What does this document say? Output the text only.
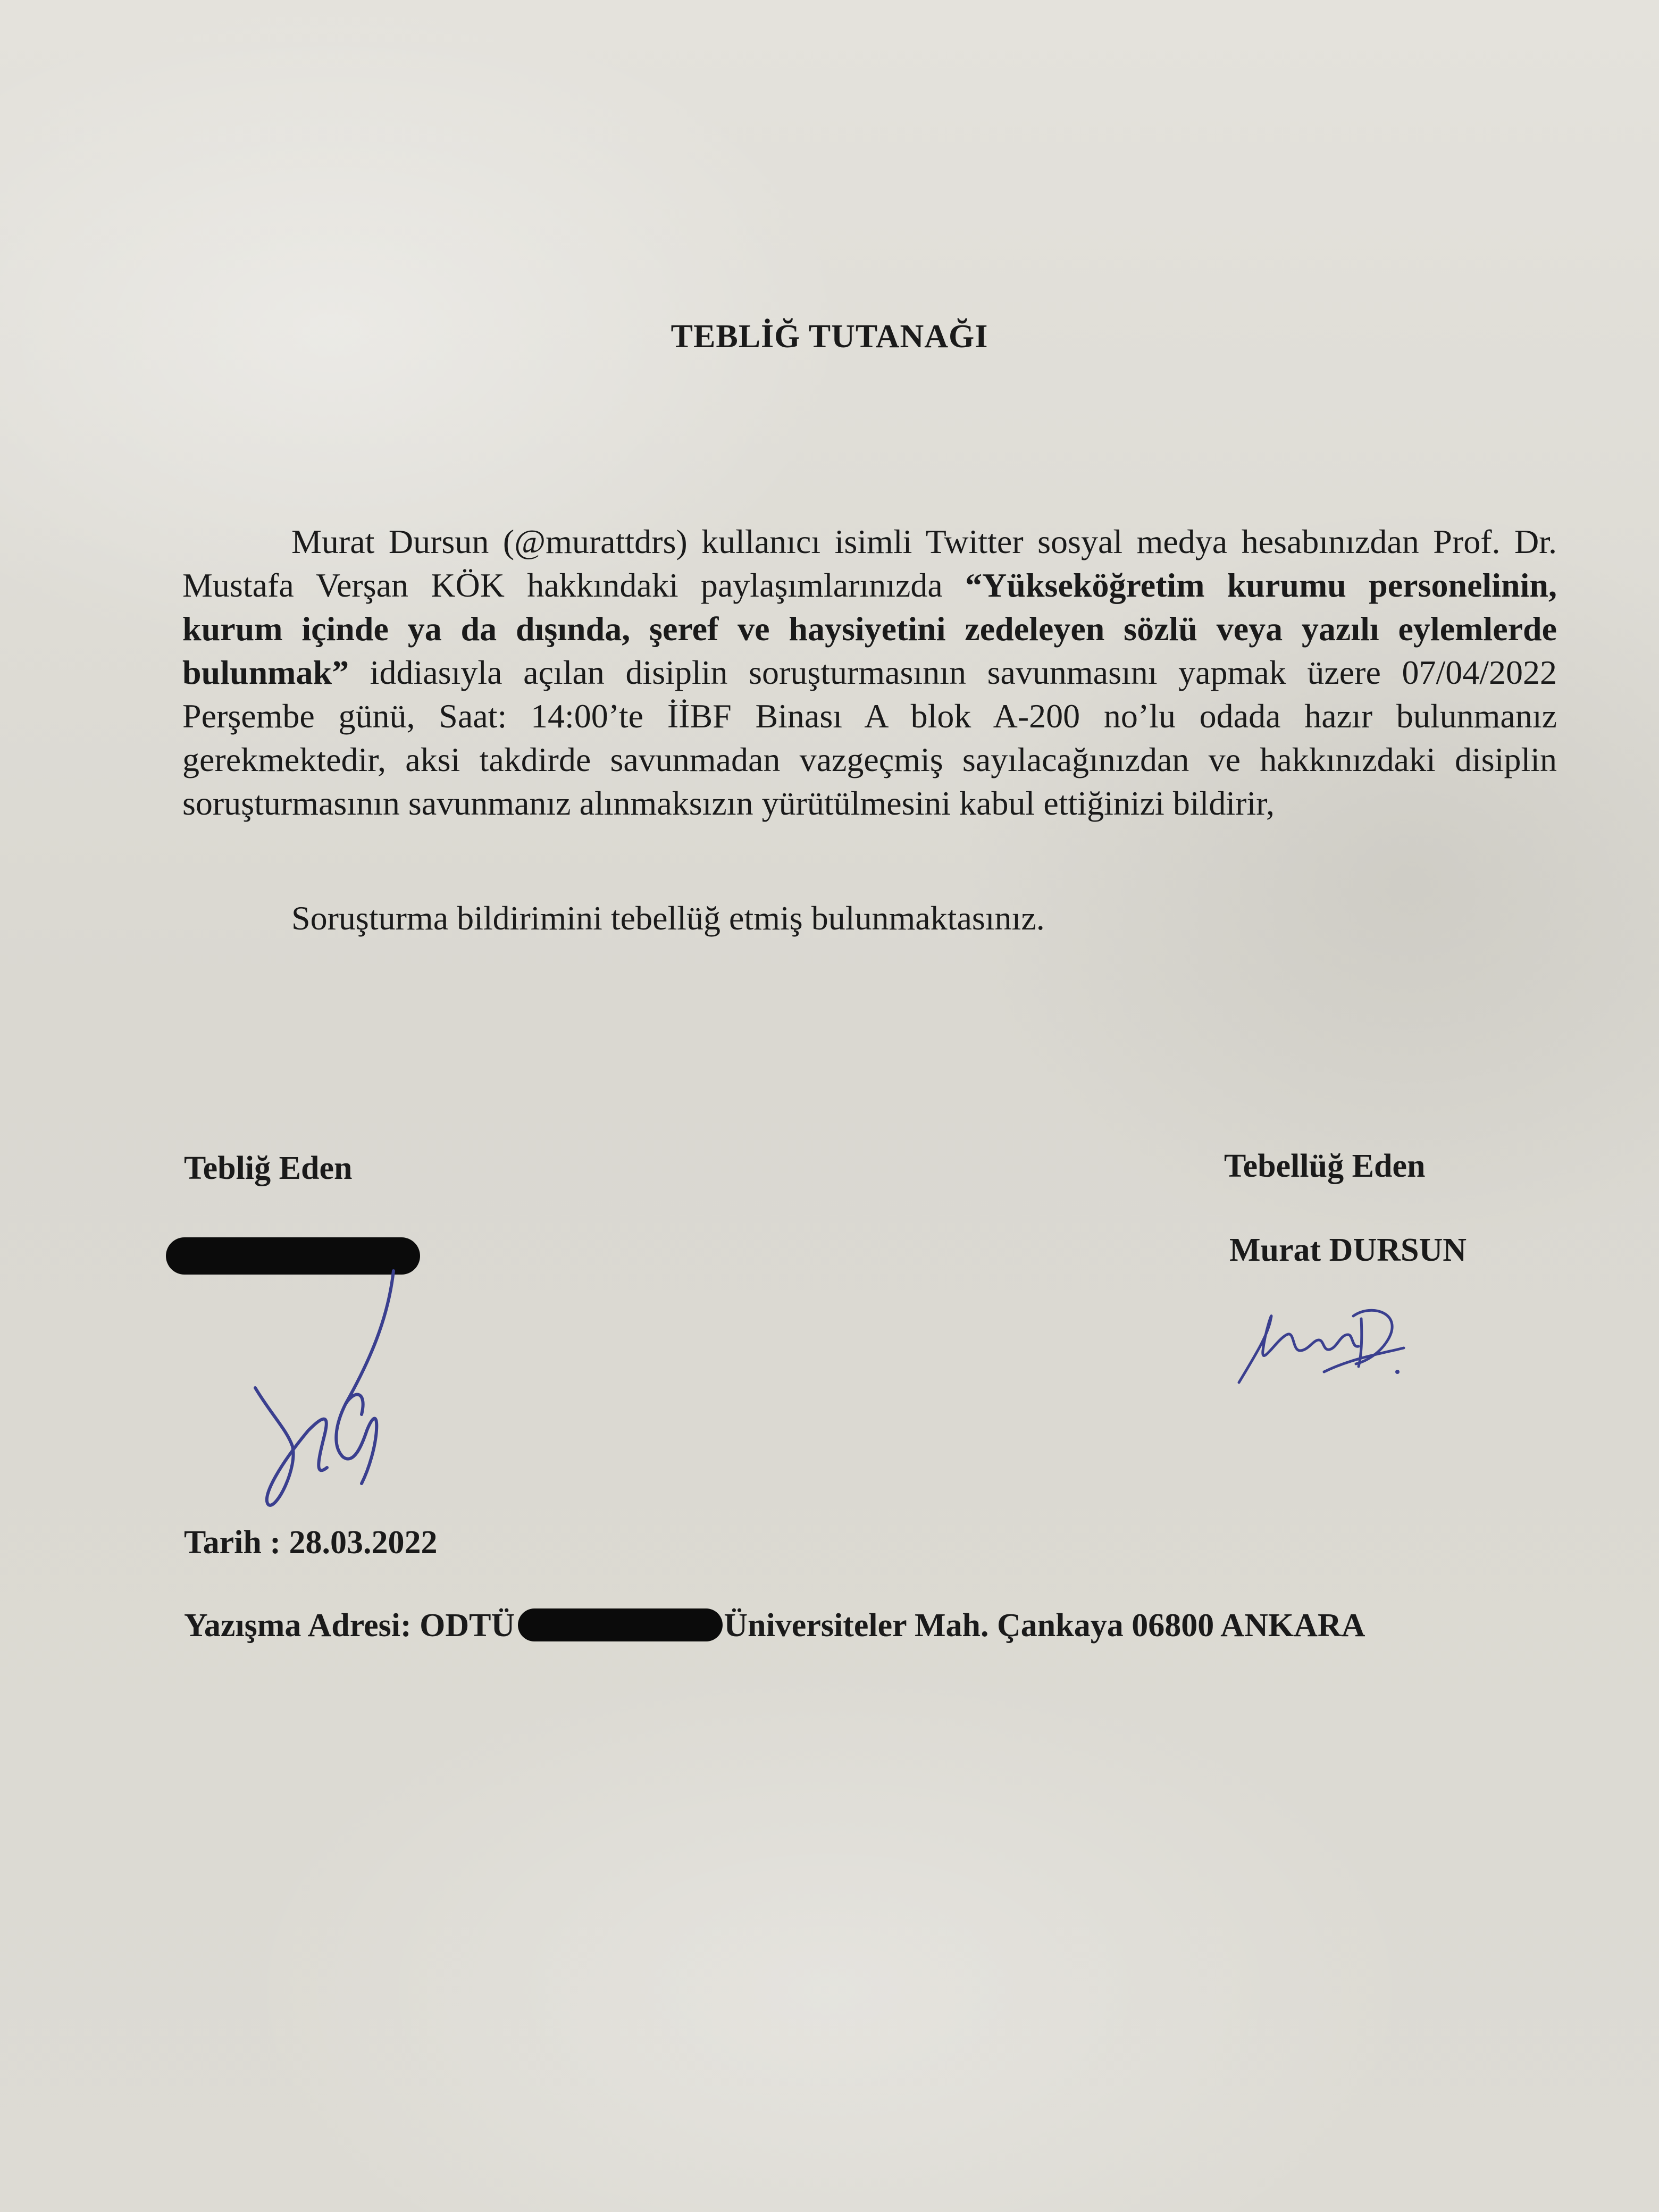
TEBLİĞ TUTANAĞI

Murat Dursun (@murattdrs) kullanıcı isimli Twitter sosyal medya hesabınızdan Prof. Dr. Mustafa Verşan KÖK hakkındaki paylaşımlarınızda “Yükseköğretim kurumu personelinin, kurum içinde ya da dışında, şeref ve haysiyetini zedeleyen sözlü veya yazılı eylemlerde bulunmak” iddiasıyla açılan disiplin soruşturmasının savunmasını yapmak üzere 07/04/2022 Perşembe günü, Saat: 14:00’te İİBF Binası A blok A-200 no’lu odada hazır bulunmanız gerekmektedir, aksi takdirde savunmadan vazgeçmiş sayılacağınızdan ve hakkınızdaki disiplin soruşturmasının savunmanız alınmaksızın yürütülmesini kabul ettiğinizi bildirir,

Soruşturma bildirimini tebellüğ etmiş bulunmaktasınız.

Tebliğ Eden	Tebellüğ Eden
Murat DURSUN
Tarih : 28.03.2022
Yazışma Adresi: ODTÜ	Üniversiteler Mah. Çankaya 06800 ANKARA
